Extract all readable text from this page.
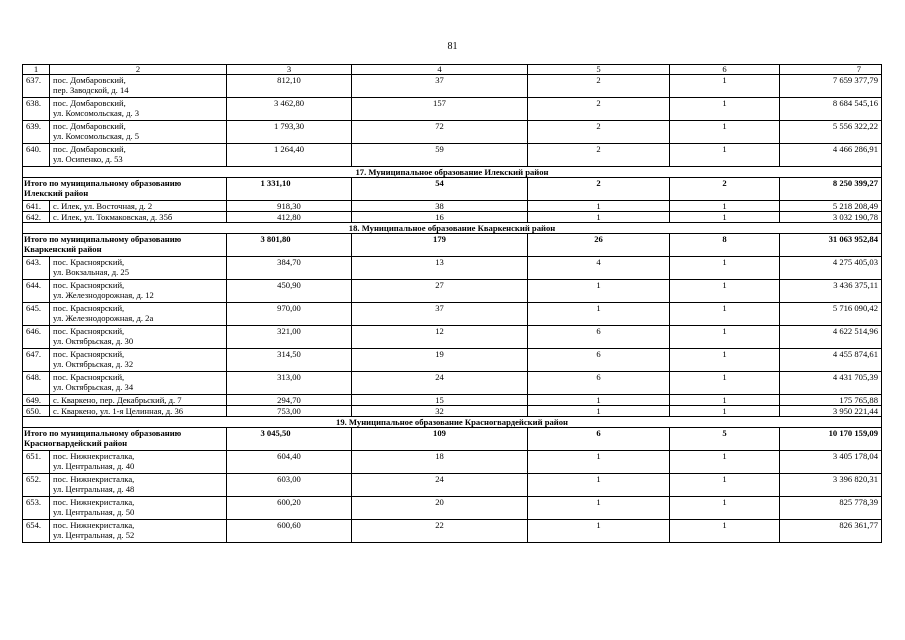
81
1	2	3	4	5	6	7
637.	пос. Домбаровский,
пер. Заводской, д. 14	812,10	37	2	1	7 659 377,79
638.	пос. Домбаровский,
ул. Комсомольская, д. 3	3 462,80	157	2	1	8 684 545,16
639.	пос. Домбаровский,
ул. Комсомольская, д. 5	1 793,30	72	2	1	5 556 322,22
640.	пос. Домбаровский,
ул. Осипенко, д. 53	1 264,40	59	2	1	4 466 286,91
17. Муниципальное образование Илекский район						

Итого по муниципальному образованию
Илекский район		1 331,10	54	2	2	8 250 399,27
641.	с. Илек, ул. Восточная, д. 2	918,30	38	1	1	5 218 208,49
642.	с. Илек, ул. Токмаковская, д. 35б	412,80	16	1	1	3 032 190,78
18. Муниципальное образование Кваркенский район						

Итого по муниципальному образованию
Кваркенский район		3 801,80	179	26	8	31 063 952,84
643.	пос. Красноярский,
ул. Вокзальная, д. 25	384,70	13	4	1	4 275 405,03
644.	пос. Красноярский,
ул. Железнодорожная, д. 12	450,90	27	1	1	3 436 375,11
645.	пос. Красноярский,
ул. Железнодорожная, д. 2а	970,00	37	1	1	5 716 090,42
646.	пос. Красноярский,
ул. Октябрьская, д. 30	321,00	12	6	1	4 622 514,96
647.	пос. Красноярский,
ул. Октябрьская, д. 32	314,50	19	6	1	4 455 874,61
648.	пос. Красноярский,
ул. Октябрьская, д. 34	313,00	24	6	1	4 431 705,39
649.	с. Кваркено, пер. Декабрьский, д. 7	294,70	15	1	1	175 765,88
650.	с. Кваркено, ул. 1-я Целинная, д. 36	753,00	32	1	1	3 950 221,44
19. Муниципальное образование Красногвардейский район						

Итого по муниципальному образованию
Красногвардейский район		3 045,50	109	6	5	10 170 159,09
651.	пос. Нижнекристалка,
ул. Центральная, д. 40	604,40	18	1	1	3 405 178,04
652.	пос. Нижнекристалка,
ул. Центральная, д. 48	603,00	24	1	1	3 396 820,31
653.	пос. Нижнекристалка,
ул. Центральная, д. 50	600,20	20	1	1	825 778,39
654.	пос. Нижнекристалка,
ул. Центральная, д. 52	600,60	22	1	1	826 361,77
